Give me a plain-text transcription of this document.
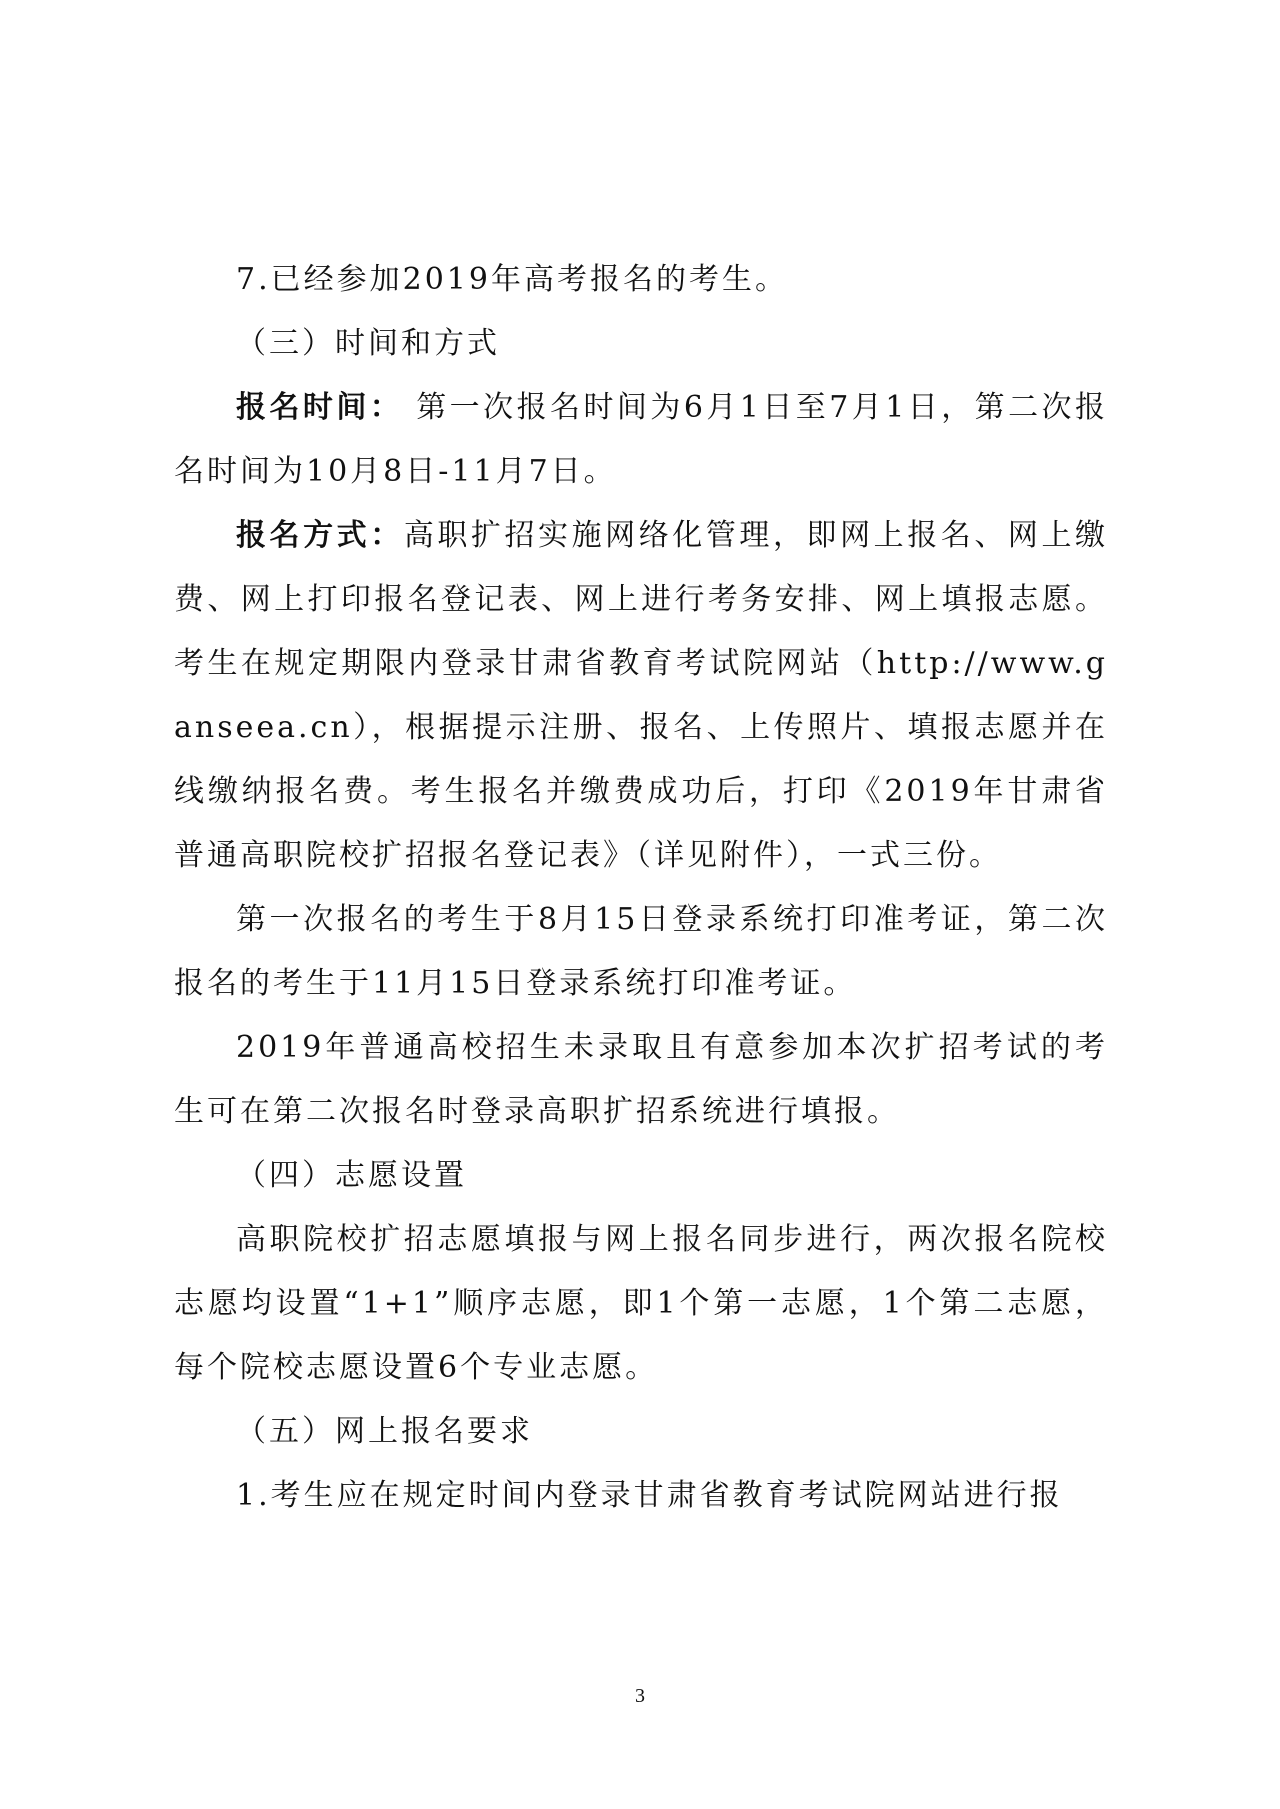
7.已经参加2019年高考报名的考生。

（三）时间和方式

报名时间： 第一次报名时间为6月1日至7月1日，第二次报名时间为10月8日-11月7日。

报名方式：高职扩招实施网络化管理，即网上报名、网上缴费、网上打印报名登记表、网上进行考务安排、网上填报志愿。考生在规定期限内登录甘肃省教育考试院网站（http://www.ganseea.cn），根据提示注册、报名、上传照片、填报志愿并在线缴纳报名费。考生报名并缴费成功后，打印《2019年甘肃省普通高职院校扩招报名登记表》（详见附件），一式三份。

第一次报名的考生于8月15日登录系统打印准考证，第二次报名的考生于11月15日登录系统打印准考证。

2019年普通高校招生未录取且有意参加本次扩招考试的考生可在第二次报名时登录高职扩招系统进行填报。

（四）志愿设置

高职院校扩招志愿填报与网上报名同步进行，两次报名院校志愿均设置“1+1”顺序志愿，即1个第一志愿，1个第二志愿，每个院校志愿设置6个专业志愿。

（五）网上报名要求

1.考生应在规定时间内登录甘肃省教育考试院网站进行报

3
